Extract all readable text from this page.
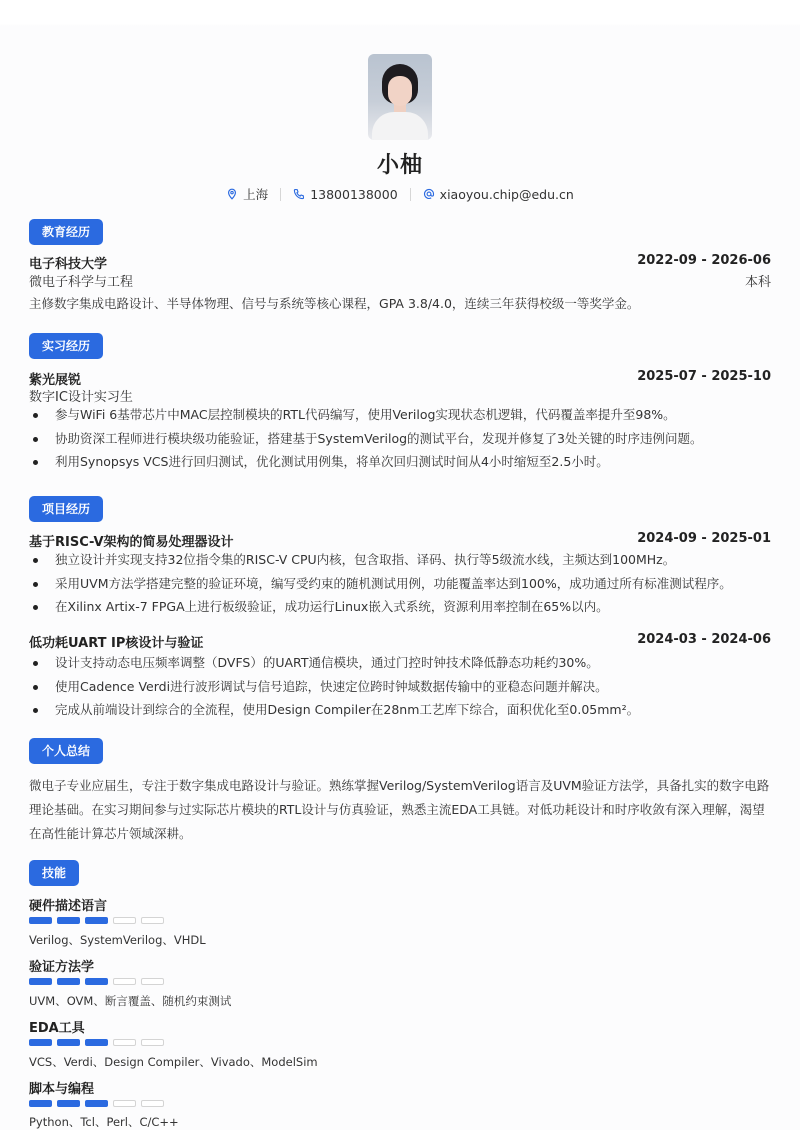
小柚
上海	13800138000	xiaoyou.chip@edu.cn
教育经历
电子科技大学	2022-09 - 2026-06
微电子科学与工程	本科
主修数字集成电路设计、半导体物理、信号与系统等核心课程，GPA 3.8/4.0，连续三年获得校级一等奖学金。
实习经历
紫光展锐	2025-07 - 2025-10
数字IC设计实习生
参与WiFi 6基带芯片中MAC层控制模块的RTL代码编写，使用Verilog实现状态机逻辑，代码覆盖率提升至98%。
协助资深工程师进行模块级功能验证，搭建基于SystemVerilog的测试平台，发现并修复了3处关键的时序违例问题。
利用Synopsys VCS进行回归测试，优化测试用例集，将单次回归测试时间从4小时缩短至2.5小时。
项目经历
基于RISC-V架构的简易处理器设计	2024-09 - 2025-01
独立设计并实现支持32位指令集的RISC-V CPU内核，包含取指、译码、执行等5级流水线，主频达到100MHz。
采用UVM方法学搭建完整的验证环境，编写受约束的随机测试用例，功能覆盖率达到100%，成功通过所有标准测试程序。
在Xilinx Artix-7 FPGA上进行板级验证，成功运行Linux嵌入式系统，资源利用率控制在65%以内。
低功耗UART IP核设计与验证	2024-03 - 2024-06
设计支持动态电压频率调整（DVFS）的UART通信模块，通过门控时钟技术降低静态功耗约30%。
使用Cadence Verdi进行波形调试与信号追踪，快速定位跨时钟域数据传输中的亚稳态问题并解决。
完成从前端设计到综合的全流程，使用Design Compiler在28nm工艺库下综合，面积优化至0.05mm²。
个人总结
微电子专业应届生，专注于数字集成电路设计与验证。熟练掌握Verilog/SystemVerilog语言及UVM验证方法学，具备扎实的数字电路理论基础。在实习期间参与过实际芯片模块的RTL设计与仿真验证，熟悉主流EDA工具链。对低功耗设计和时序收敛有深入理解，渴望在高性能计算芯片领域深耕。
技能
硬件描述语言
Verilog、SystemVerilog、VHDL
验证方法学
UVM、OVM、断言覆盖、随机约束测试
EDA工具
VCS、Verdi、Design Compiler、Vivado、ModelSim
脚本与编程
Python、Tcl、Perl、C/C++
